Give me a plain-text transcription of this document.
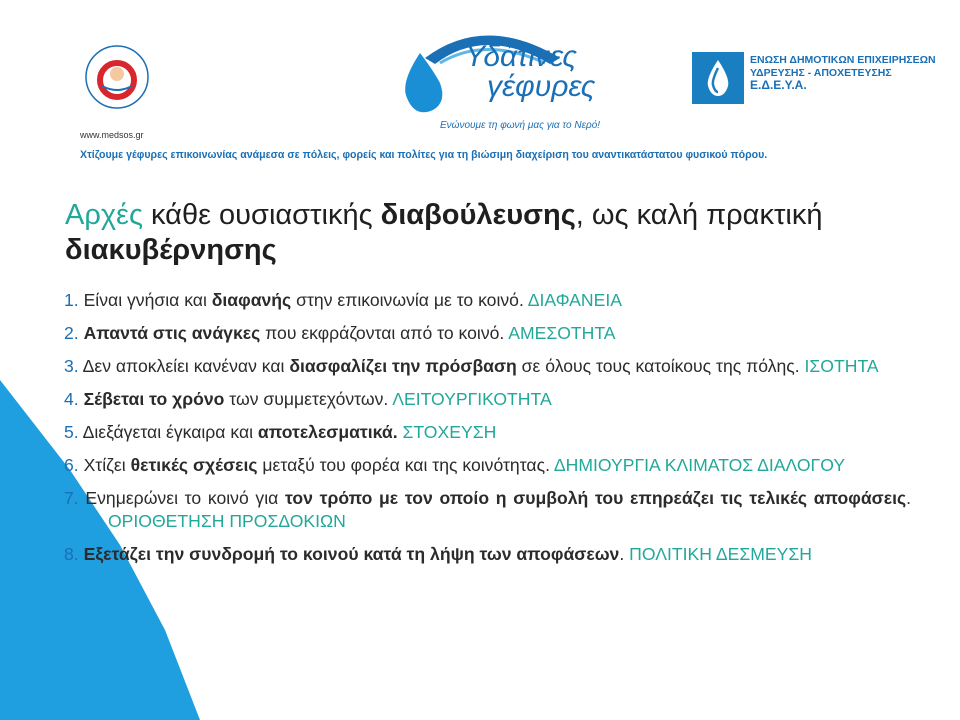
www.medsos.gr
Υδάτινες
γέφυρες
Ενώνουμε τη φωνή μας για το Νερό!
ΕΝΩΣΗ ΔΗΜΟΤΙΚΩΝ ΕΠΙΧΕΙΡΗΣΕΩΝ
ΥΔΡΕΥΣΗΣ - ΑΠΟΧΕΤΕΥΣΗΣ
Ε.Δ.Ε.Υ.Α.
Χτίζουμε γέφυρες επικοινωνίας ανάμεσα σε πόλεις, φορείς και πολίτες για τη βιώσιμη διαχείριση του αναντικατάστατου φυσικού πόρου.
Αρχές κάθε ουσιαστικής διαβούλευσης, ως καλή πρακτική διακυβέρνησης
1. Είναι γνήσια και διαφανής στην επικοινωνία με το κοινό. ΔΙΑΦΑΝΕΙΑ
2. Απαντά στις ανάγκες που εκφράζονται από το κοινό. ΑΜΕΣΟΤΗΤΑ
3. Δεν αποκλείει κανέναν και διασφαλίζει την πρόσβαση σε όλους τους κατοίκους της πόλης. ΙΣΟΤΗΤΑ
4. Σέβεται το χρόνο των συμμετεχόντων. ΛΕΙΤΟΥΡΓΙΚΟΤΗΤΑ
5. Διεξάγεται έγκαιρα και αποτελεσματικά. ΣΤΟΧΕΥΣΗ
6. Χτίζει θετικές σχέσεις μεταξύ του φορέα και της κοινότητας. ΔΗΜΙΟΥΡΓΙΑ ΚΛΙΜΑΤΟΣ ΔΙΑΛΟΓΟΥ
7. Ενημερώνει το κοινό για τον τρόπο με τον οποίο η συμβολή του επηρεάζει τις τελικές αποφάσεις.ΟΡΙΟΘΕΤΗΣΗ ΠΡΟΣΔΟΚΙΩΝ
8. Εξετάζει την συνδρομή το κοινού κατά τη λήψη των αποφάσεων. ΠΟΛΙΤΙΚΗ ΔΕΣΜΕΥΣΗ
